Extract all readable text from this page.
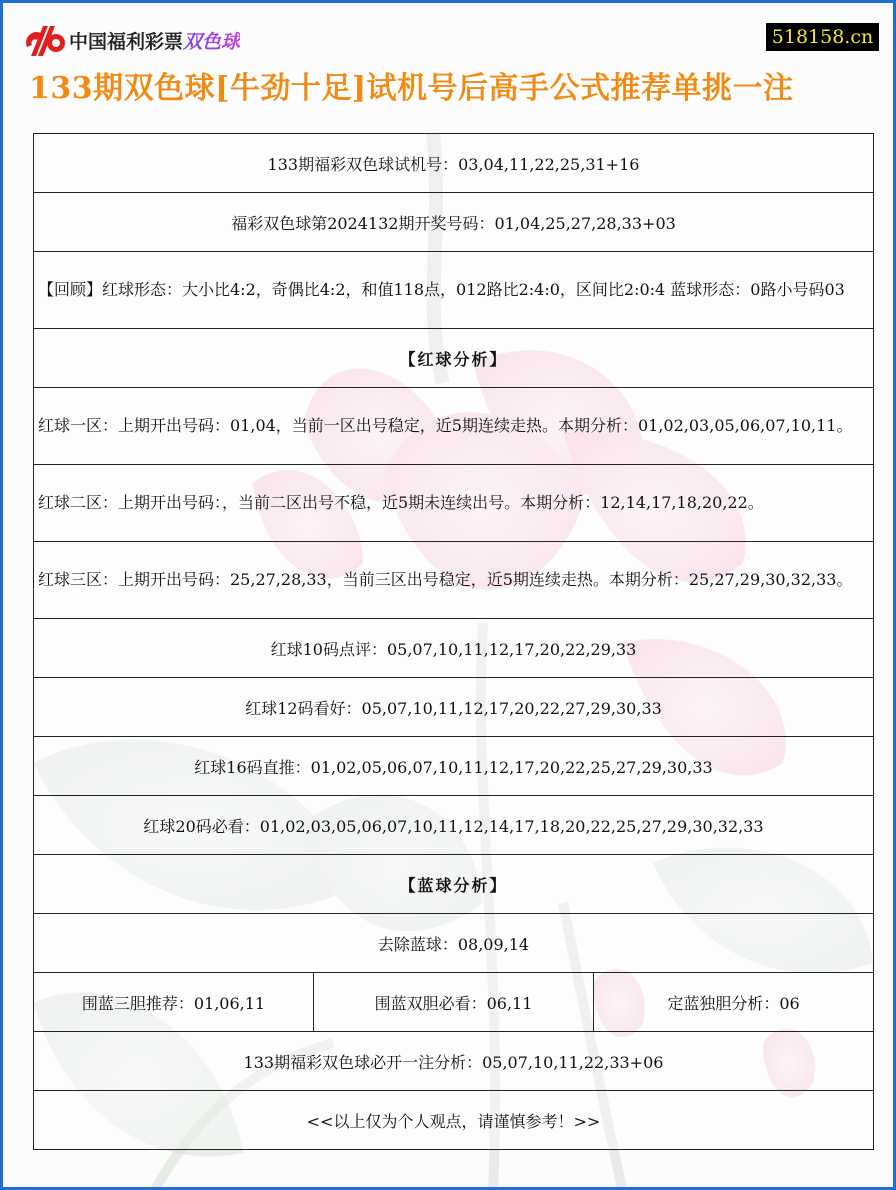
中国福利彩票 双色球	518158.cn
133期双色球[牛劲十足]试机号后高手公式推荐单挑一注
133期福彩双色球试机号：03,04,11,22,25,31+16
福彩双色球第2024132期开奖号码：01,04,25,27,28,33+03
【回顾】红球形态：大小比4:2，奇偶比4:2，和值118点，012路比2:4:0，区间比2:0:4 蓝球形态：0路小号码03
【红球分析】
红球一区：上期开出号码：01,04，当前一区出号稳定，近5期连续走热。本期分析：01,02,03,05,06,07,10,11。
红球二区：上期开出号码：，当前二区出号不稳，近5期未连续出号。本期分析：12,14,17,18,20,22。
红球三区：上期开出号码：25,27,28,33，当前三区出号稳定，近5期连续走热。本期分析：25,27,29,30,32,33。
红球10码点评：05,07,10,11,12,17,20,22,29,33
红球12码看好：05,07,10,11,12,17,20,22,27,29,30,33
红球16码直推：01,02,05,06,07,10,11,12,17,20,22,25,27,29,30,33
红球20码必看：01,02,03,05,06,07,10,11,12,14,17,18,20,22,25,27,29,30,32,33
【蓝球分析】
去除蓝球：08,09,14
围蓝三胆推荐：01,06,11	围蓝双胆必看：06,11	定蓝独胆分析：06
133期福彩双色球必开一注分析：05,07,10,11,22,33+06
<<以上仅为个人观点，请谨慎参考！>>
